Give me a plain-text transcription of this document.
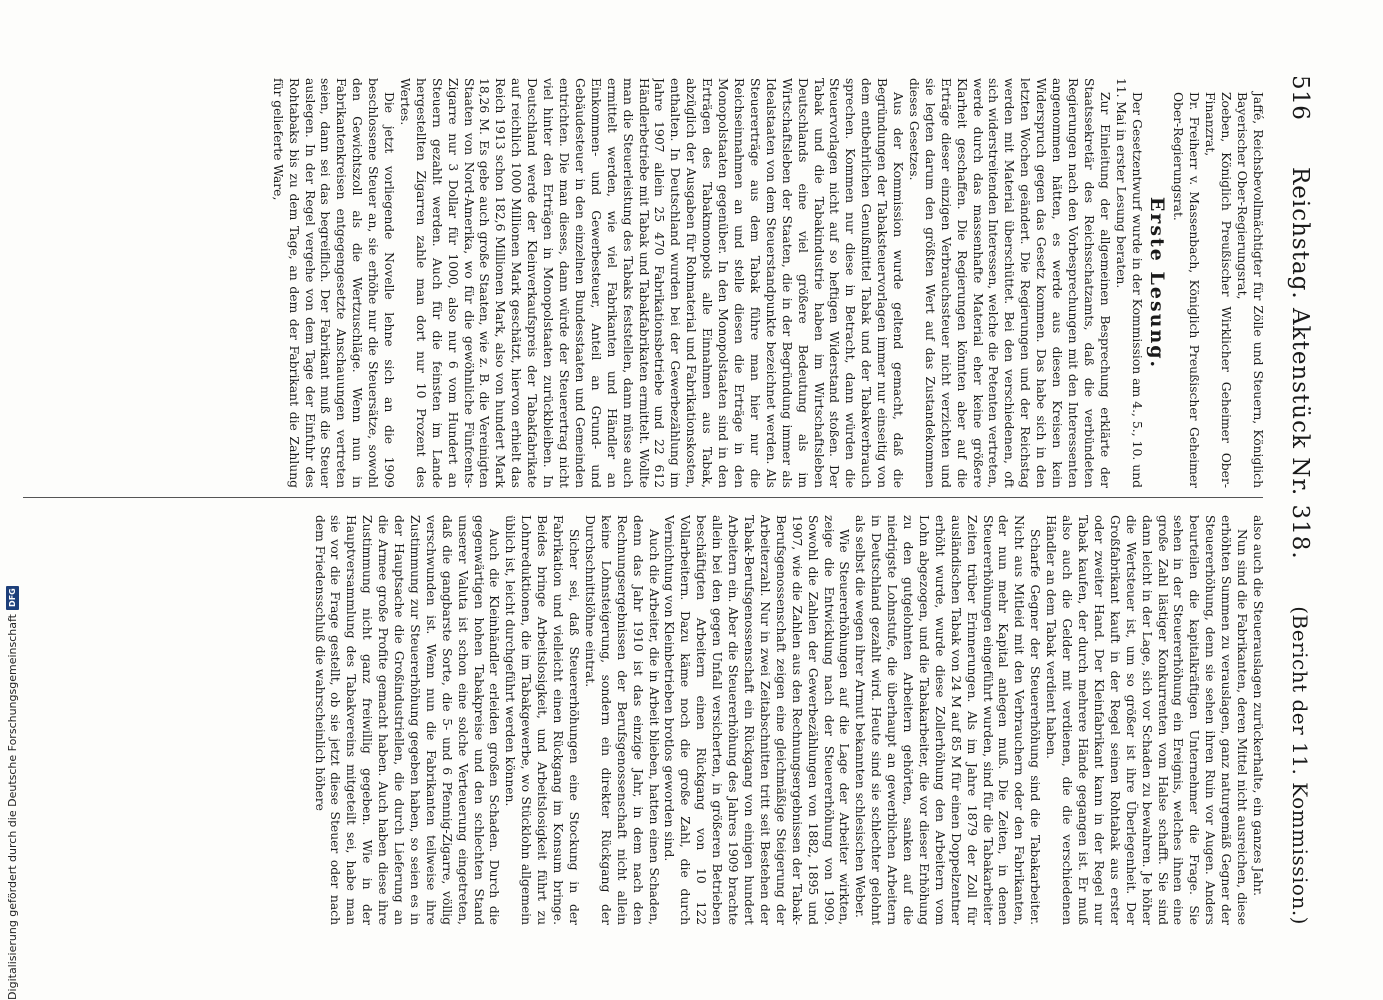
516
Reichstag. Aktenstück Nr. 318.
(Bericht der 11. Kommission.)

Jaffé, Reichsbevollmächtigter für Zölle und Steuern, Königlich Bayerischer Ober-Regierungsrat,

Zoeben, Königlich Preußischer Wirklicher Geheimer Ober-Finanzrat,

Dr. Freiherr v. Massenbach, Königlich Preußischer Geheimer Ober-Regierungsrat.

Erste Lesung.

Der Gesetzentwurf wurde in der Kommission am 4., 5., 10. und 11. Mai in erster Lesung beraten.

Zur Einleitung der allgemeinen Besprechung erklärte der Staatssekretär des Reichsschatzamts, daß die verbündeten Regierungen nach den Vorbesprechungen mit den Interessenten angenommen hätten, es werde aus diesen Kreisen kein Widerspruch gegen das Gesetz kommen. Das habe sich in den letzten Wochen geändert. Die Regierungen und der Reichstag werden mit Material überschüttet. Bei den verschiedenen, oft sich widerstreitenden Interessen, welche die Petenten vertreten, werde durch das massenhafte Material eher keine größere Klarheit geschaffen. Die Regierungen könnten aber auf die Erträge dieser einzigen Verbrauchssteuer nicht verzichten und sie legten darum den größten Wert auf das Zustandekommen dieses Gesetzes.

Aus der Kommission wurde geltend gemacht, daß die Begründungen der Tabaksteuervorlagen immer nur einseitig von dem entbehrlichen Genußmittel Tabak und der Tabakverbrauch sprechen. Kommen nur diese in Betracht, dann würden die Steuervorlagen nicht auf so heftigen Widerstand stoßen. Der Tabak und die Tabakindustrie haben im Wirtschaftsleben Deutschlands eine viel größere Bedeutung als im Wirtschaftsleben der Staaten, die in der Begründung immer als Idealstaaten von dem Steuerstandpunkte bezeichnet werden. Als Steuererträge aus dem Tabak führe man hier nur die Reichseinnahmen an und stelle diesen die Erträge in den Monopolstaaten gegenüber. In den Monopolstaaten sind in den Erträgen des Tabakmonopols alle Einnahmen aus Tabak, abzüglich der Ausgaben für Rohmaterial und Fabrikationskosten, enthalten. In Deutschland wurden bei der Gewerbezählung im Jahre 1907 allein 25 470 Fabrikationsbetriebe und 22 612 Händlerbetriebe mit Tabak und Tabakfabrikaten ermittelt. Wollte man die Steuerleistung des Tabaks feststellen, dann müsse auch ermittelt werden, wie viel Fabrikanten und Händler an Einkommen- und Gewerbesteuer, Anteil an Grund- und Gebäudesteuer in den einzelnen Bundesstaaten und Gemeinden entrichten. Die man dieses, dann würde der Steuerertrag nicht viel hinter den Erträgen in Monopolstaaten zurückbleiben. In Deutschland werde der Kleinverkaufspreis der Tabakfabrikate auf reichlich 1000 Millionen Mark geschätzt, hiervon erhielt das Reich 1913 schon 182,6 Millionen Mark, also von hundert Mark 18,26 M. Es gebe auch große Staaten, wie z. B. die Vereinigten Staaten von Nord-Amerika, wo für die gewöhnliche Fünfcents-Zigarre nur 3 Dollar für 1000, also nur 6 vom Hundert an Steuern gezahlt werden. Auch für die feinsten im Lande hergestellten Zigarren zahle man dort nur 10 Prozent des Wertes.

Die jetzt vorliegende Novelle lehne sich an die 1909 beschlossene Steuer an, sie erhöhe nur die Steuersätze, sowohl den Gewichtszoll als die Wertzuschläge. Wenn nun in Fabrikantenkreisen entgegengesetzte Anschauungen vertreten seien, dann sei das begreiflich. Der Fabrikant muß die Steuer auslegen. In der Regel vergehe von dem Tage der Einfuhr des Rohtabaks bis zu dem Tage, an dem der Fabrikant die Zahlung für gelieferte Ware,

also auch die Steuerauslagen zurückerhalte, ein ganzes Jahr.

Nun sind die Fabrikanten, deren Mittel nicht ausreichen, diese erhöhten Summen zu verauslagen, ganz naturgemäß Gegner der Steuererhöhung, denn sie sehen ihren Ruin vor Augen. Anders beurteilen die kapitalkräftigen Unternehmer die Frage. Sie sehen in der Steuererhöhung ein Ereignis, welches ihnen eine große Zahl lästiger Konkurrenten vom Halse schafft. Sie sind dann leicht in der Lage, sich vor Schaden zu bewahren. Je höher die Wertsteuer ist, um so größer ist ihre Überlegenheit. Der Großfabrikant kauft in der Regel seinen Rohtabak aus erster oder zweiter Hand. Der Kleinfabrikant kann in der Regel nur Tabak kaufen, der durch mehrere Hände gegangen ist. Er muß also auch die Gelder mit verdienen, die die verschiedenen Händler an dem Tabak verdient haben.

Scharfe Gegner der Steuererhöhung sind die Tabakarbeiter. Nicht aus Mitleid mit den Verbrauchern oder den Fabrikanten, der nun mehr Kapital anlegen muß. Die Zeiten, in denen Steuererhöhungen eingeführt wurden, sind für die Tabakarbeiter Zeiten trüber Erinnerungen. Als im Jahre 1879 der Zoll für ausländischen Tabak von 24 M auf 85 M für einen Doppelzentner erhöht wurde, wurde diese Zollerhöhung den Arbeitern vom Lohn abgezogen, und die Tabakarbeiter, die vor dieser Erhöhung zu den gutgelohnten Arbeitern gehörten, sanken auf die niedrigste Lohnstufe, die überhaupt an gewerblichen Arbeitern in Deutschland gezahlt wird. Heute sind sie schlechter gelohnt als selbst die wegen ihrer Armut bekannten schlesischen Weber.

Wie Steuererhöhungen auf die Lage der Arbeiter wirkten, zeige die Entwicklung nach der Steuererhöhung von 1909. Sowohl die Zahlen der Gewerbezählungen von 1882, 1895 und 1907, wie die Zahlen aus den Rechnungsergebnissen der Tabak-Berufsgenossenschaft zeigen eine gleichmäßige Steigerung der Arbeiterzahl. Nur in zwei Zeitabschnitten tritt seit Bestehen der Tabak-Berufsgenossenschaft ein Rückgang von einigen hundert Arbeitern ein. Aber die Steuererhöhung des Jahres 1909 brachte allein bei den gegen Unfall versicherten, in größeren Betrieben beschäftigten Arbeitern einen Rückgang von 10 122 Vollarbeitern. Dazu käme noch die große Zahl, die durch Vernichtung von Kleinbetrieben brotlos geworden sind.

Auch die Arbeiter, die in Arbeit blieben, hatten einen Schaden, denn das Jahr 1910 ist das einzige Jahr, in dem nach den Rechnungsergebnissen der Berufsgenossenschaft nicht allein keine Lohnsteigerung, sondern ein direkter Rückgang der Durchschnittslöhne eintrat.

Sicher sei, daß Steuererhöhungen eine Stockung in der Fabrikation und vielleicht einen Rückgang im Konsum bringe. Beides bringe Arbeitslosigkeit, und Arbeitslosigkeit führt zu Lohnreduktionen, die im Tabakgewerbe, wo Stücklohn allgemein üblich ist, leicht durchgeführt werden können.

Auch die Kleinhändler erleiden großen Schaden. Durch die gegenwärtigen hohen Tabakpreise und den schlechten Stand unserer Valuta ist schon eine solche Verteuerung eingetreten, daß die gangbarste Sorte, die 5- und 6 Pfennig-Zigarre, völlig verschwunden ist. Wenn nun die Fabrikanten teilweise ihre Zustimmung zur Steuererhöhung gegeben haben, so seien es in der Hauptsache die Großindustriellen, die durch Lieferung an die Armee große Profite gemacht haben. Auch haben diese ihre Zustimmung nicht ganz freiwillig gegeben. Wie in der Hauptversammlung des Tabakvereins mitgeteilt sei, habe man sie vor die Frage gestellt, ob sie jetzt diese Steuer oder nach dem Friedensschluß die wahrscheinlich höhere

Digitalisierung gefördert durch die Deutsche Forschungsgemeinschaft
DFG
